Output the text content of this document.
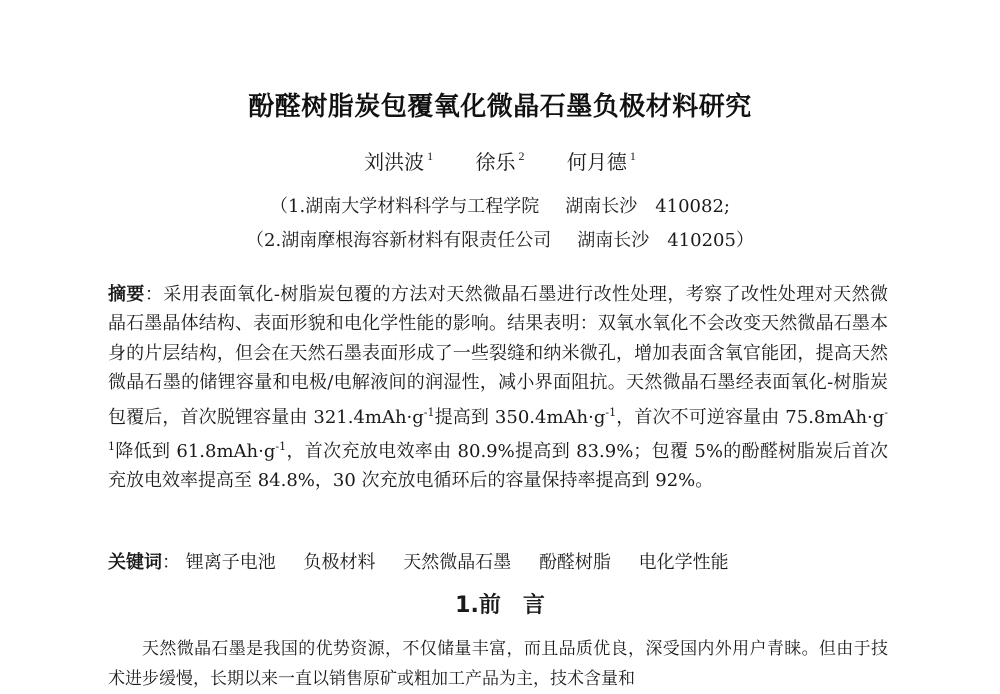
酚醛树脂炭包覆氧化微晶石墨负极材料研究
刘洪波 $^1$ 徐乐 $^2$ 何月德 $^1$
（1.湖南大学材料科学与工程学院 湖南长沙　410082;
（2.湖南摩根海容新材料有限责任公司 湖南长沙　410205）
摘要：采用表面氧化-树脂炭包覆的方法对天然微晶石墨进行改性处理，考察了改性处理对天然微晶石墨晶体结构、表面形貌和电化学性能的影响。结果表明：双氧水氧化不会改变天然微晶石墨本身的片层结构，但会在天然石墨表面形成了一些裂缝和纳米微孔，增加表面含氧官能团，提高天然微晶石墨的储锂容量和电极/电解液间的润湿性，减小界面阻抗。天然微晶石墨经表面氧化-树脂炭包覆后，首次脱锂容量由 $321.4mAh\cdot g^{-1}$提高到 $350.4mAh\cdot g^{-1}$，首次不可逆容量由 $75.8mAh\cdot g^{-1}$降低到 $61.8mAh\cdot g^{-1}$，首次充放电效率由 80.9%提高到 83.9%；包覆 5%的酚醛树脂炭后首次充放电效率提高至 84.8%，30 次充放电循环后的容量保持率提高到 92%。
关键词： 锂离子电池 负极材料 天然微晶石墨 酚醛树脂 电化学性能
1.前　言
天然微晶石墨是我国的优势资源，不仅储量丰富，而且品质优良，深受国内外用户青睐。但由于技术进步缓慢，长期以来一直以销售原矿或粗加工产品为主，技术含量和
